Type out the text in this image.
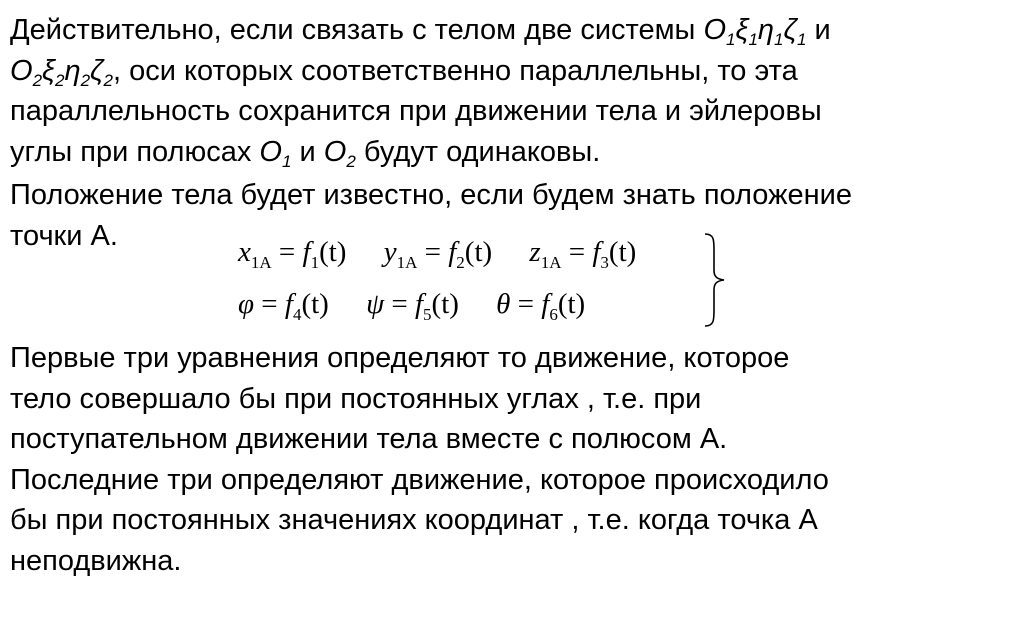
Действительно, если связать с телом две системы $O_1\xi_1\eta_1\zeta_1$ и
$O_2\xi_2\eta_2\zeta_2$, оси которых соответственно параллельны, то эта
параллельность сохранится при движении тела и эйлеровы
углы при полюсах $O_1$ и $O_2$ будут одинаковы.
Положение тела будет известно, если будем знать положение
точки А.
$x_{1A} = f_1(t) y_{1A} = f_2(t) z_{1A} = f_3(t)$
$\varphi = f_4(t) \psi = f_5(t) \theta = f_6(t)$
Первые три уравнения определяют то движение, которое
тело совершало бы при постоянных углах , т.е. при
поступательном движении тела вместе с полюсом А.
Последние три определяют движение, которое происходило
бы при постоянных значениях координат , т.е. когда точка А
неподвижна.
